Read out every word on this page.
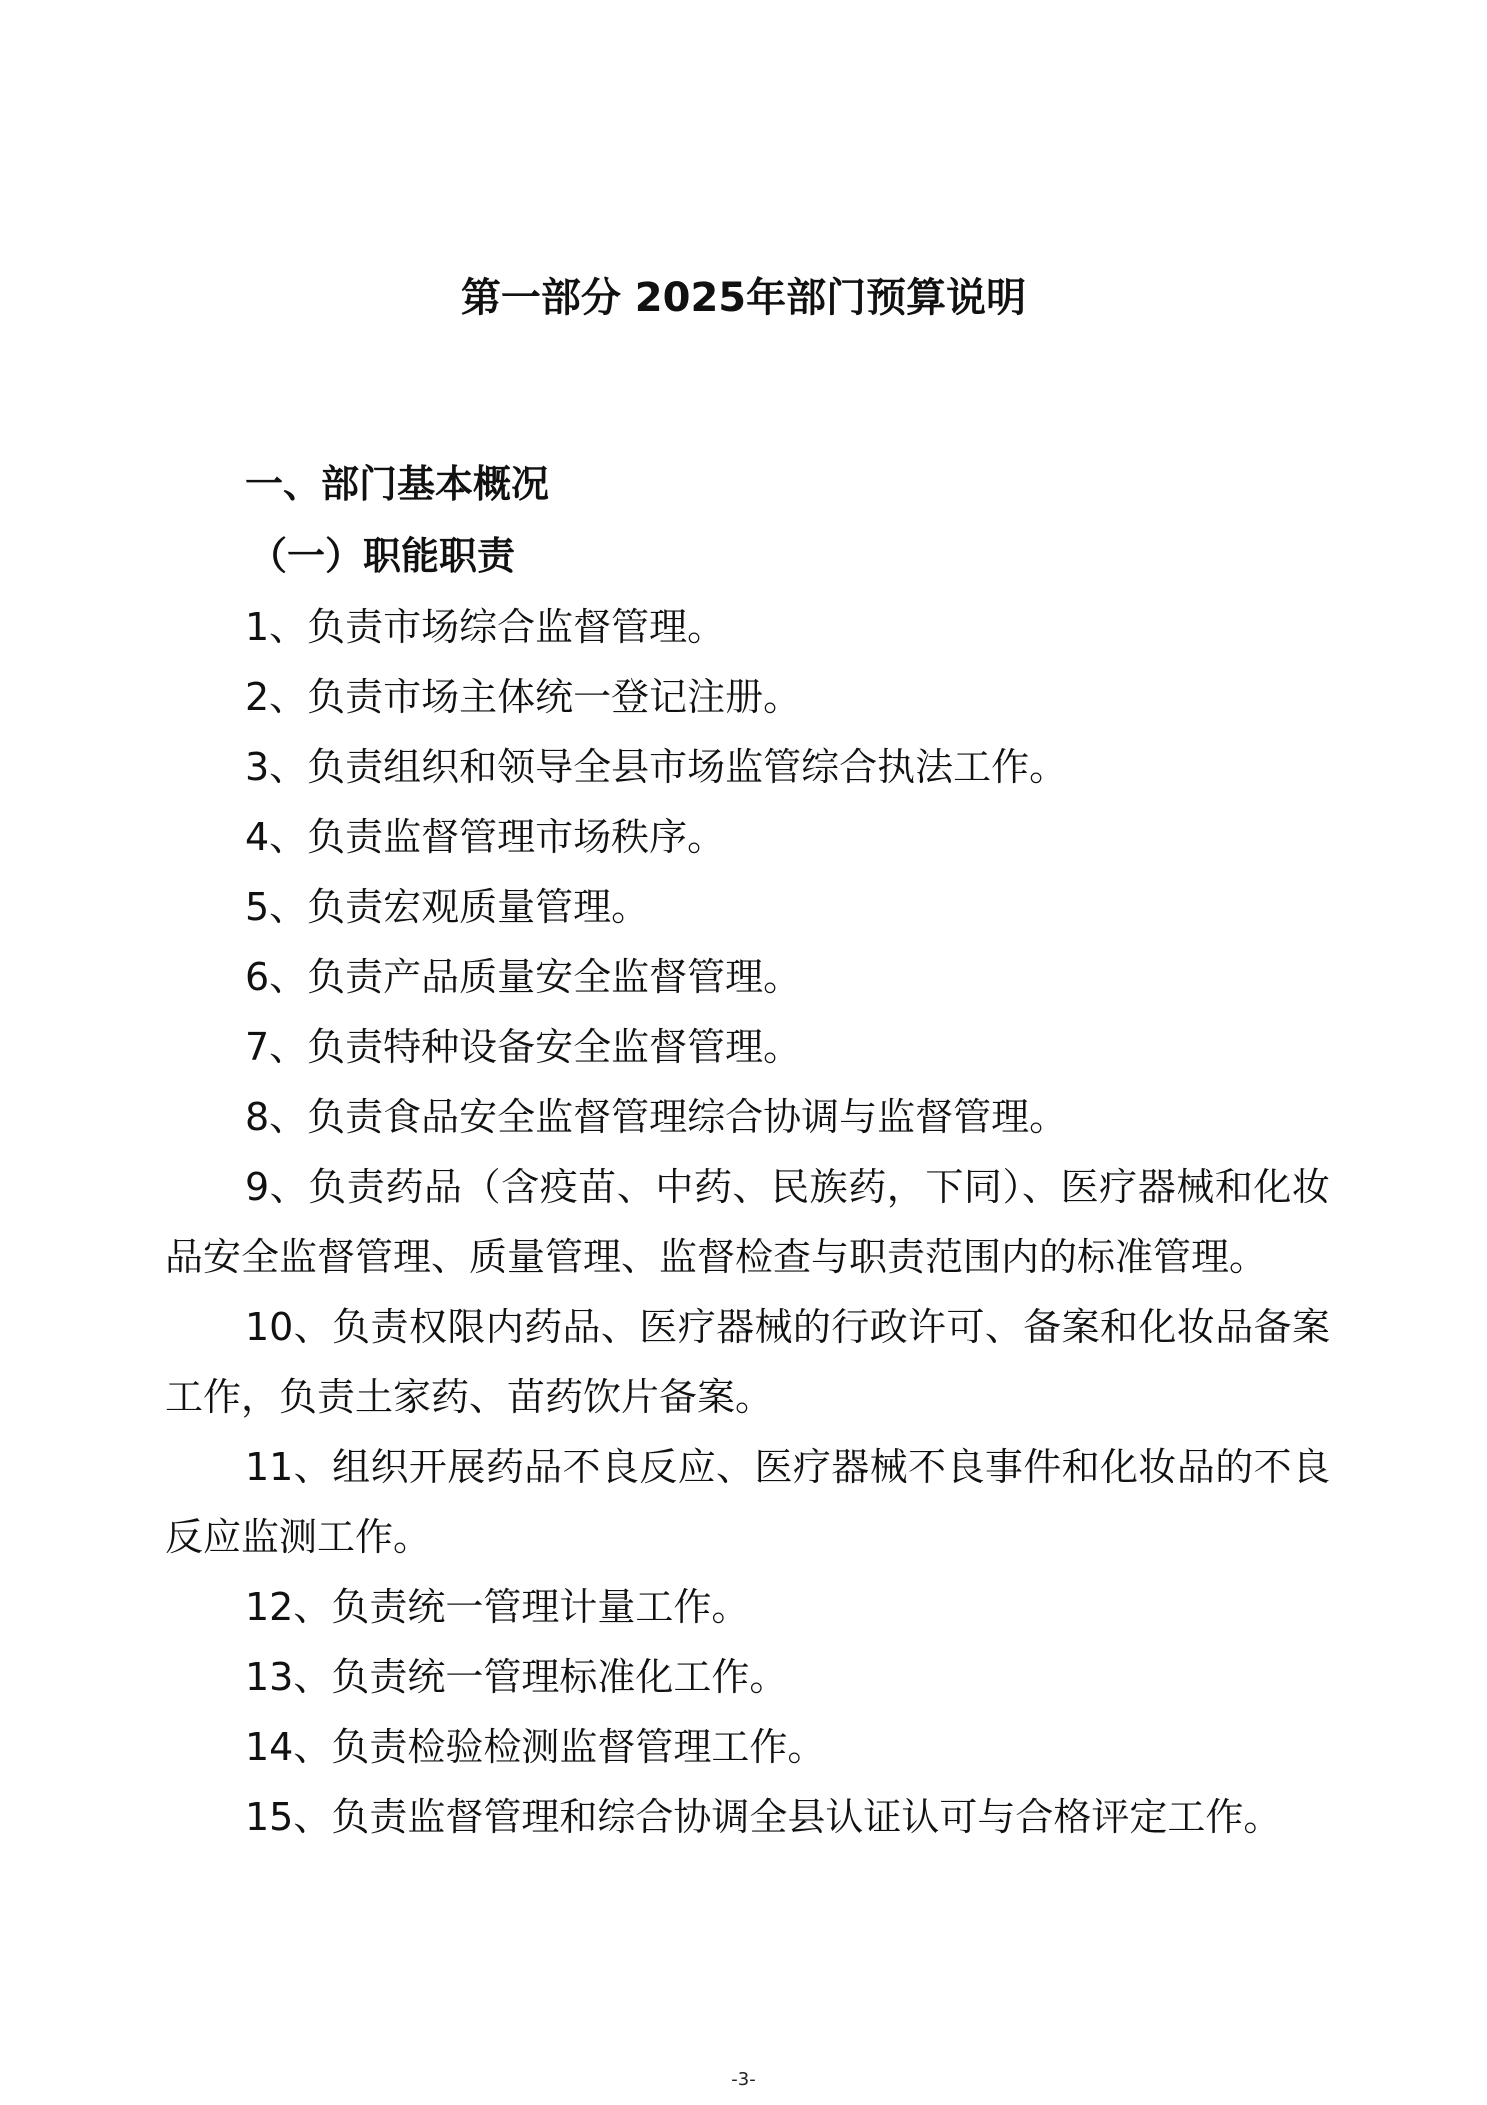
第一部分 2025年部门预算说明
一、部门基本概况
（一）职能职责
1、负责市场综合监督管理。
2、负责市场主体统一登记注册。
3、负责组织和领导全县市场监管综合执法工作。
4、负责监督管理市场秩序。
5、负责宏观质量管理。
6、负责产品质量安全监督管理。
7、负责特种设备安全监督管理。
8、负责食品安全监督管理综合协调与监督管理。
9、负责药品（含疫苗、中药、民族药，下同）、医疗器械和化妆品安全监督管理、质量管理、监督检查与职责范围内的标准管理。
10、负责权限内药品、医疗器械的行政许可、备案和化妆品备案工作，负责土家药、苗药饮片备案。
11、组织开展药品不良反应、医疗器械不良事件和化妆品的不良反应监测工作。
12、负责统一管理计量工作。
13、负责统一管理标准化工作。
14、负责检验检测监督管理工作。
15、负责监督管理和综合协调全县认证认可与合格评定工作。
-3-
